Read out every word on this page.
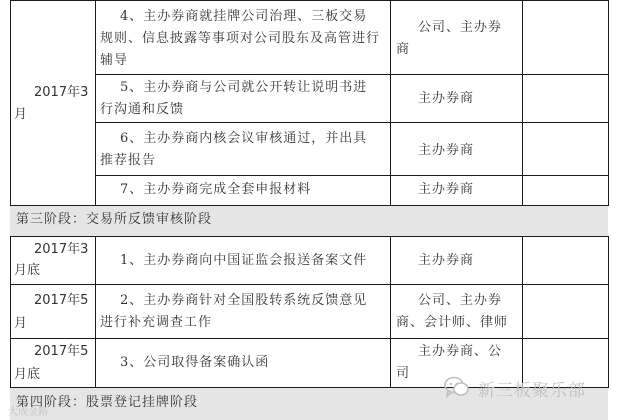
2017年3
月
4、主办券商就挂牌公司治理、三板交易
规则、信息披露等事项对公司股东及高管进行
辅导
公司、主办券
商
5、主办券商与公司就公开转让说明书进
行沟通和反馈
主办券商
6、主办券商内核会议审核通过，并出具
推荐报告
主办券商
7、主办券商完成全套申报材料	主办券商
第三阶段：交易所反馈审核阶段
2017年3
月底
1、主办券商向中国证监会报送备案文件	主办券商
2017年5
月
2、主办券商针对全国股转系统反馈意见
进行补充调查工作
公司、主办券
商、会计师、律师
2017年5
月底
3、公司取得备案确认函
主办券商、公
司
第四阶段：股票登记挂牌阶段
新三板聚乐部
大成金路
